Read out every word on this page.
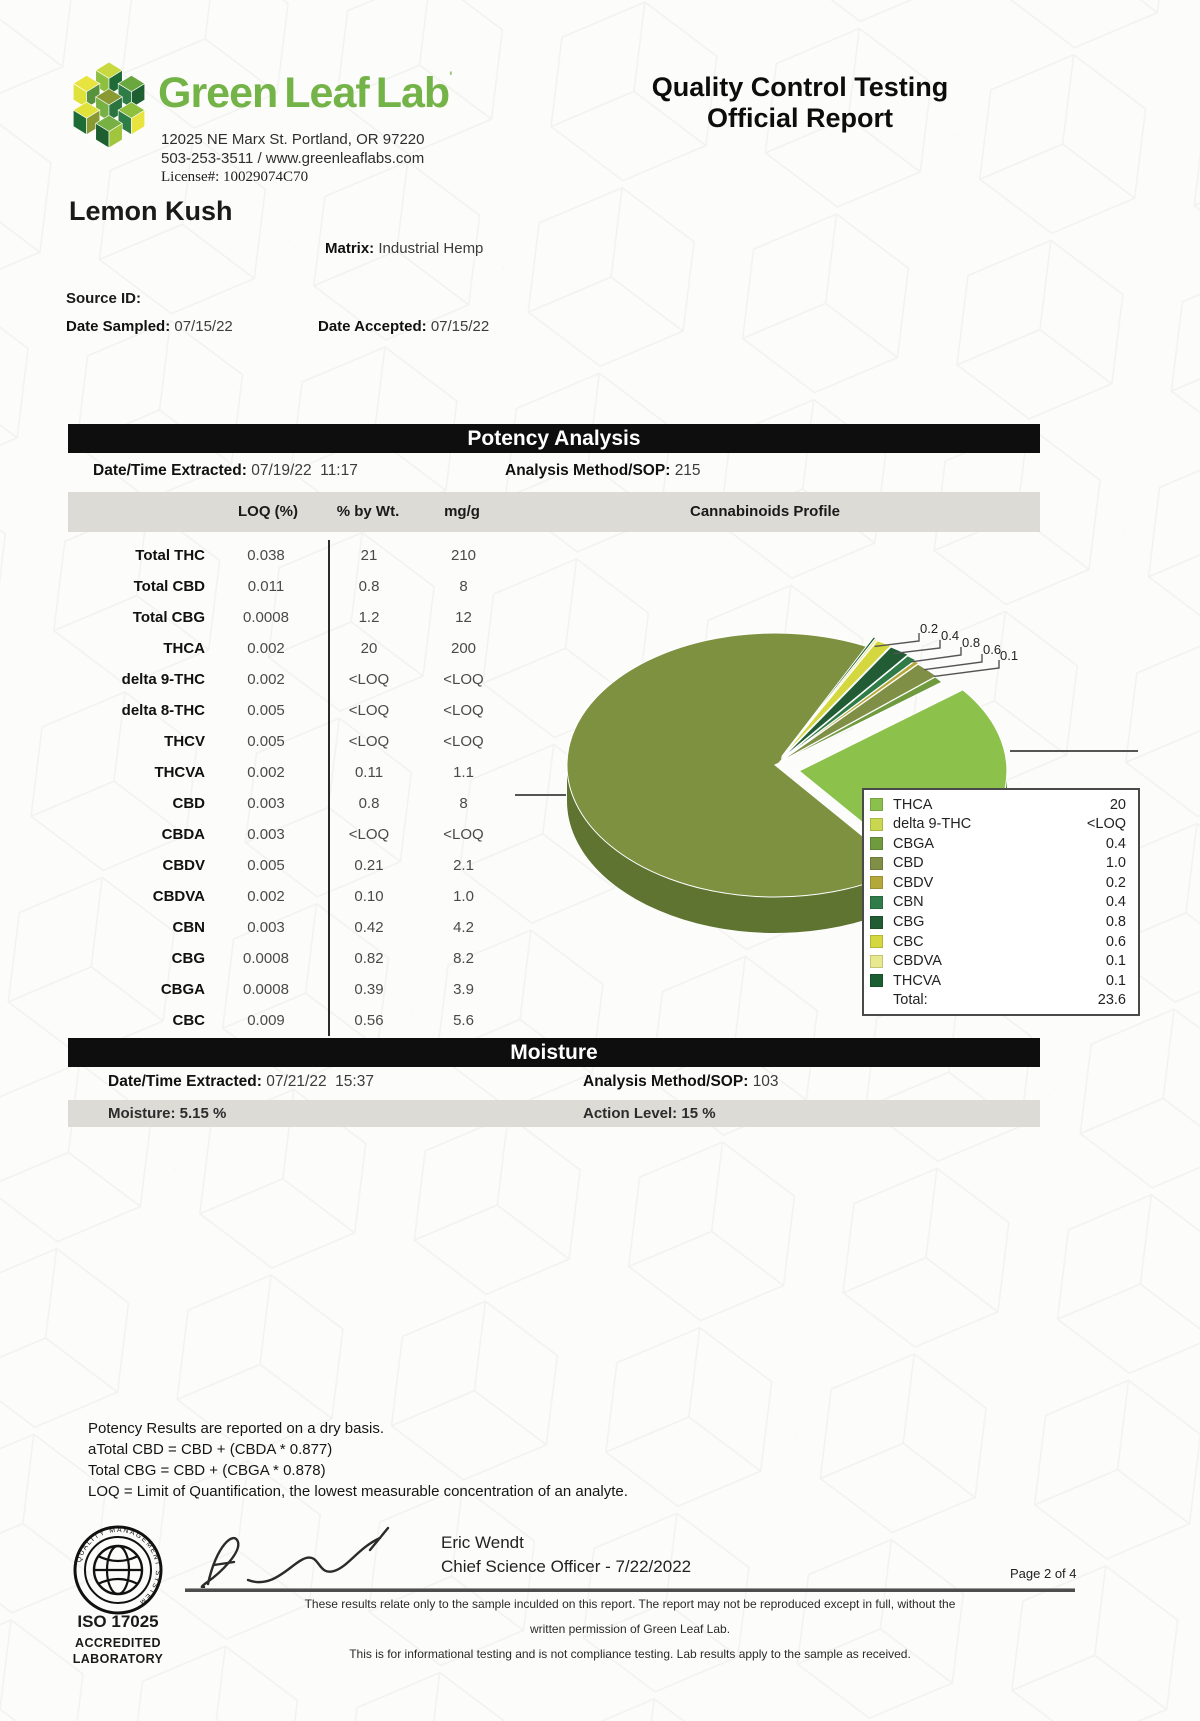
Green Leaf Lab'
12025 NE Marx St. Portland, OR 97220
503-253-3511 / www.greenleaflabs.com
License#: 10029074C70
Quality Control Testing
Official Report
Lemon Kush
Matrix: Industrial Hemp
Source ID:
Date Sampled: 07/15/22	Date Accepted: 07/15/22
Potency Analysis
Date/Time Extracted: 07/19/22  11:17	Analysis Method/SOP: 215
LOQ (%)	% by Wt.	mg/g	Cannabinoids Profile
Total THC	0.038	21	210
Total CBD	0.011	0.8	8
Total CBG	0.0008	1.2	12
THCA	0.002	20	200
delta 9-THC	0.002	<LOQ	<LOQ
delta 8-THC	0.005	<LOQ	<LOQ
THCV	0.005	<LOQ	<LOQ
THCVA	0.002	0.11	1.1
CBD	0.003	0.8	8
CBDA	0.003	<LOQ	<LOQ
CBDV	0.005	0.21	2.1
CBDVA	0.002	0.10	1.0
CBN	0.003	0.42	4.2
CBG	0.0008	0.82	8.2
CBGA	0.0008	0.39	3.9
CBC	0.009	0.56	5.6
0.2 0.4 0.8 0.6
0.1
THCA	20
delta 9-THC	<LOQ
CBGA	0.4
CBD	1.0
CBDV	0.2
CBN	0.4
CBG	0.8
CBC	0.6
CBDVA	0.1
THCVA	0.1
Total:	23.6
Moisture
Date/Time Extracted: 07/21/22  15:37	Analysis Method/SOP: 103
Moisture: 5.15 %	Action Level: 15 %
Potency Results are reported on a dry basis.
aTotal CBD = CBD + (CBDA * 0.877)
Total CBG = CBD + (CBGA * 0.878)
LOQ = Limit of Quantification, the lowest measurable concentration of an analyte.
QUALITY MANAGEMENT SYSTEM
ISO 17025
ACCREDITED
LABORATORY
Eric Wendt
Chief Science Officer - 7/22/2022	Page 2 of 4
These results relate only to the sample inculded on this report. The report may not be reproduced except in full, without the
written permission of Green Leaf Lab.
This is for informational testing and is not compliance testing. Lab results apply to the sample as received.
